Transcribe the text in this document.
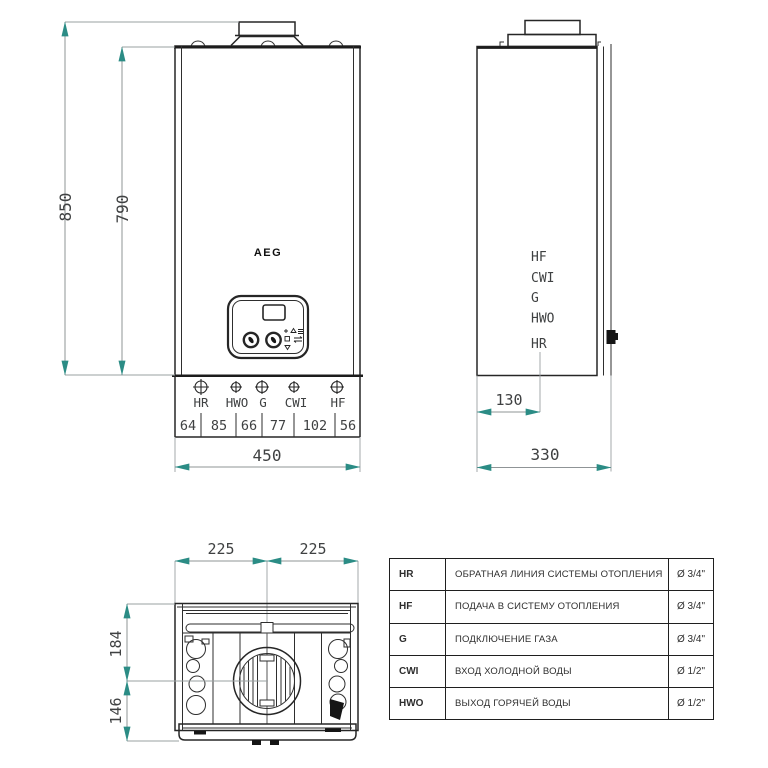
AEG
HR HWO G CWI HF
64 85 66 77 102 56
450
850 790
HF
CWI
G
HWO
HR
130
330
225	225
184
146
HR	ОБРАТНАЯ ЛИНИЯ СИСТЕМЫ ОТОПЛЕНИЯ	Ø 3/4"
HF	ПОДАЧА В СИСТЕМУ ОТОПЛЕНИЯ	Ø 3/4"
G	ПОДКЛЮЧЕНИЕ ГАЗА	Ø 3/4"
CWI	ВХОД ХОЛОДНОЙ ВОДЫ	Ø 1/2"
HWO	ВЫХОД ГОРЯЧЕЙ ВОДЫ	Ø 1/2"
